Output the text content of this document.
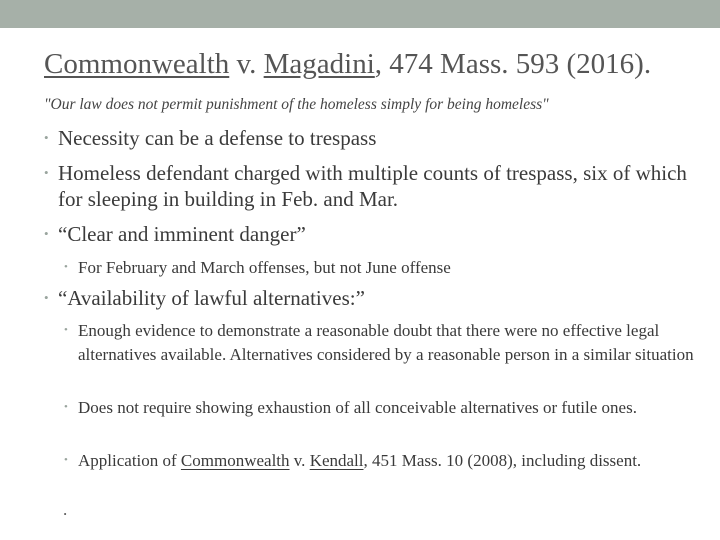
Commonwealth v. Magadini, 474 Mass. 593 (2016).
"Our law does not permit punishment of the homeless simply for being homeless"
• Necessity can be a defense to trespass
• Homeless defendant charged with multiple counts of trespass, six of which for sleeping in building in Feb. and Mar.
• “Clear and imminent danger”
• For February and March offenses, but not June offense
• “Availability of lawful alternatives:”
• Enough evidence to demonstrate a reasonable doubt that there were no effective legal alternatives available. Alternatives considered by a reasonable person in a similar situation
• Does not require showing exhaustion of all conceivable alternatives or futile ones.
• Application of Commonwealth v. Kendall, 451 Mass. 10 (2008), including dissent.
.
